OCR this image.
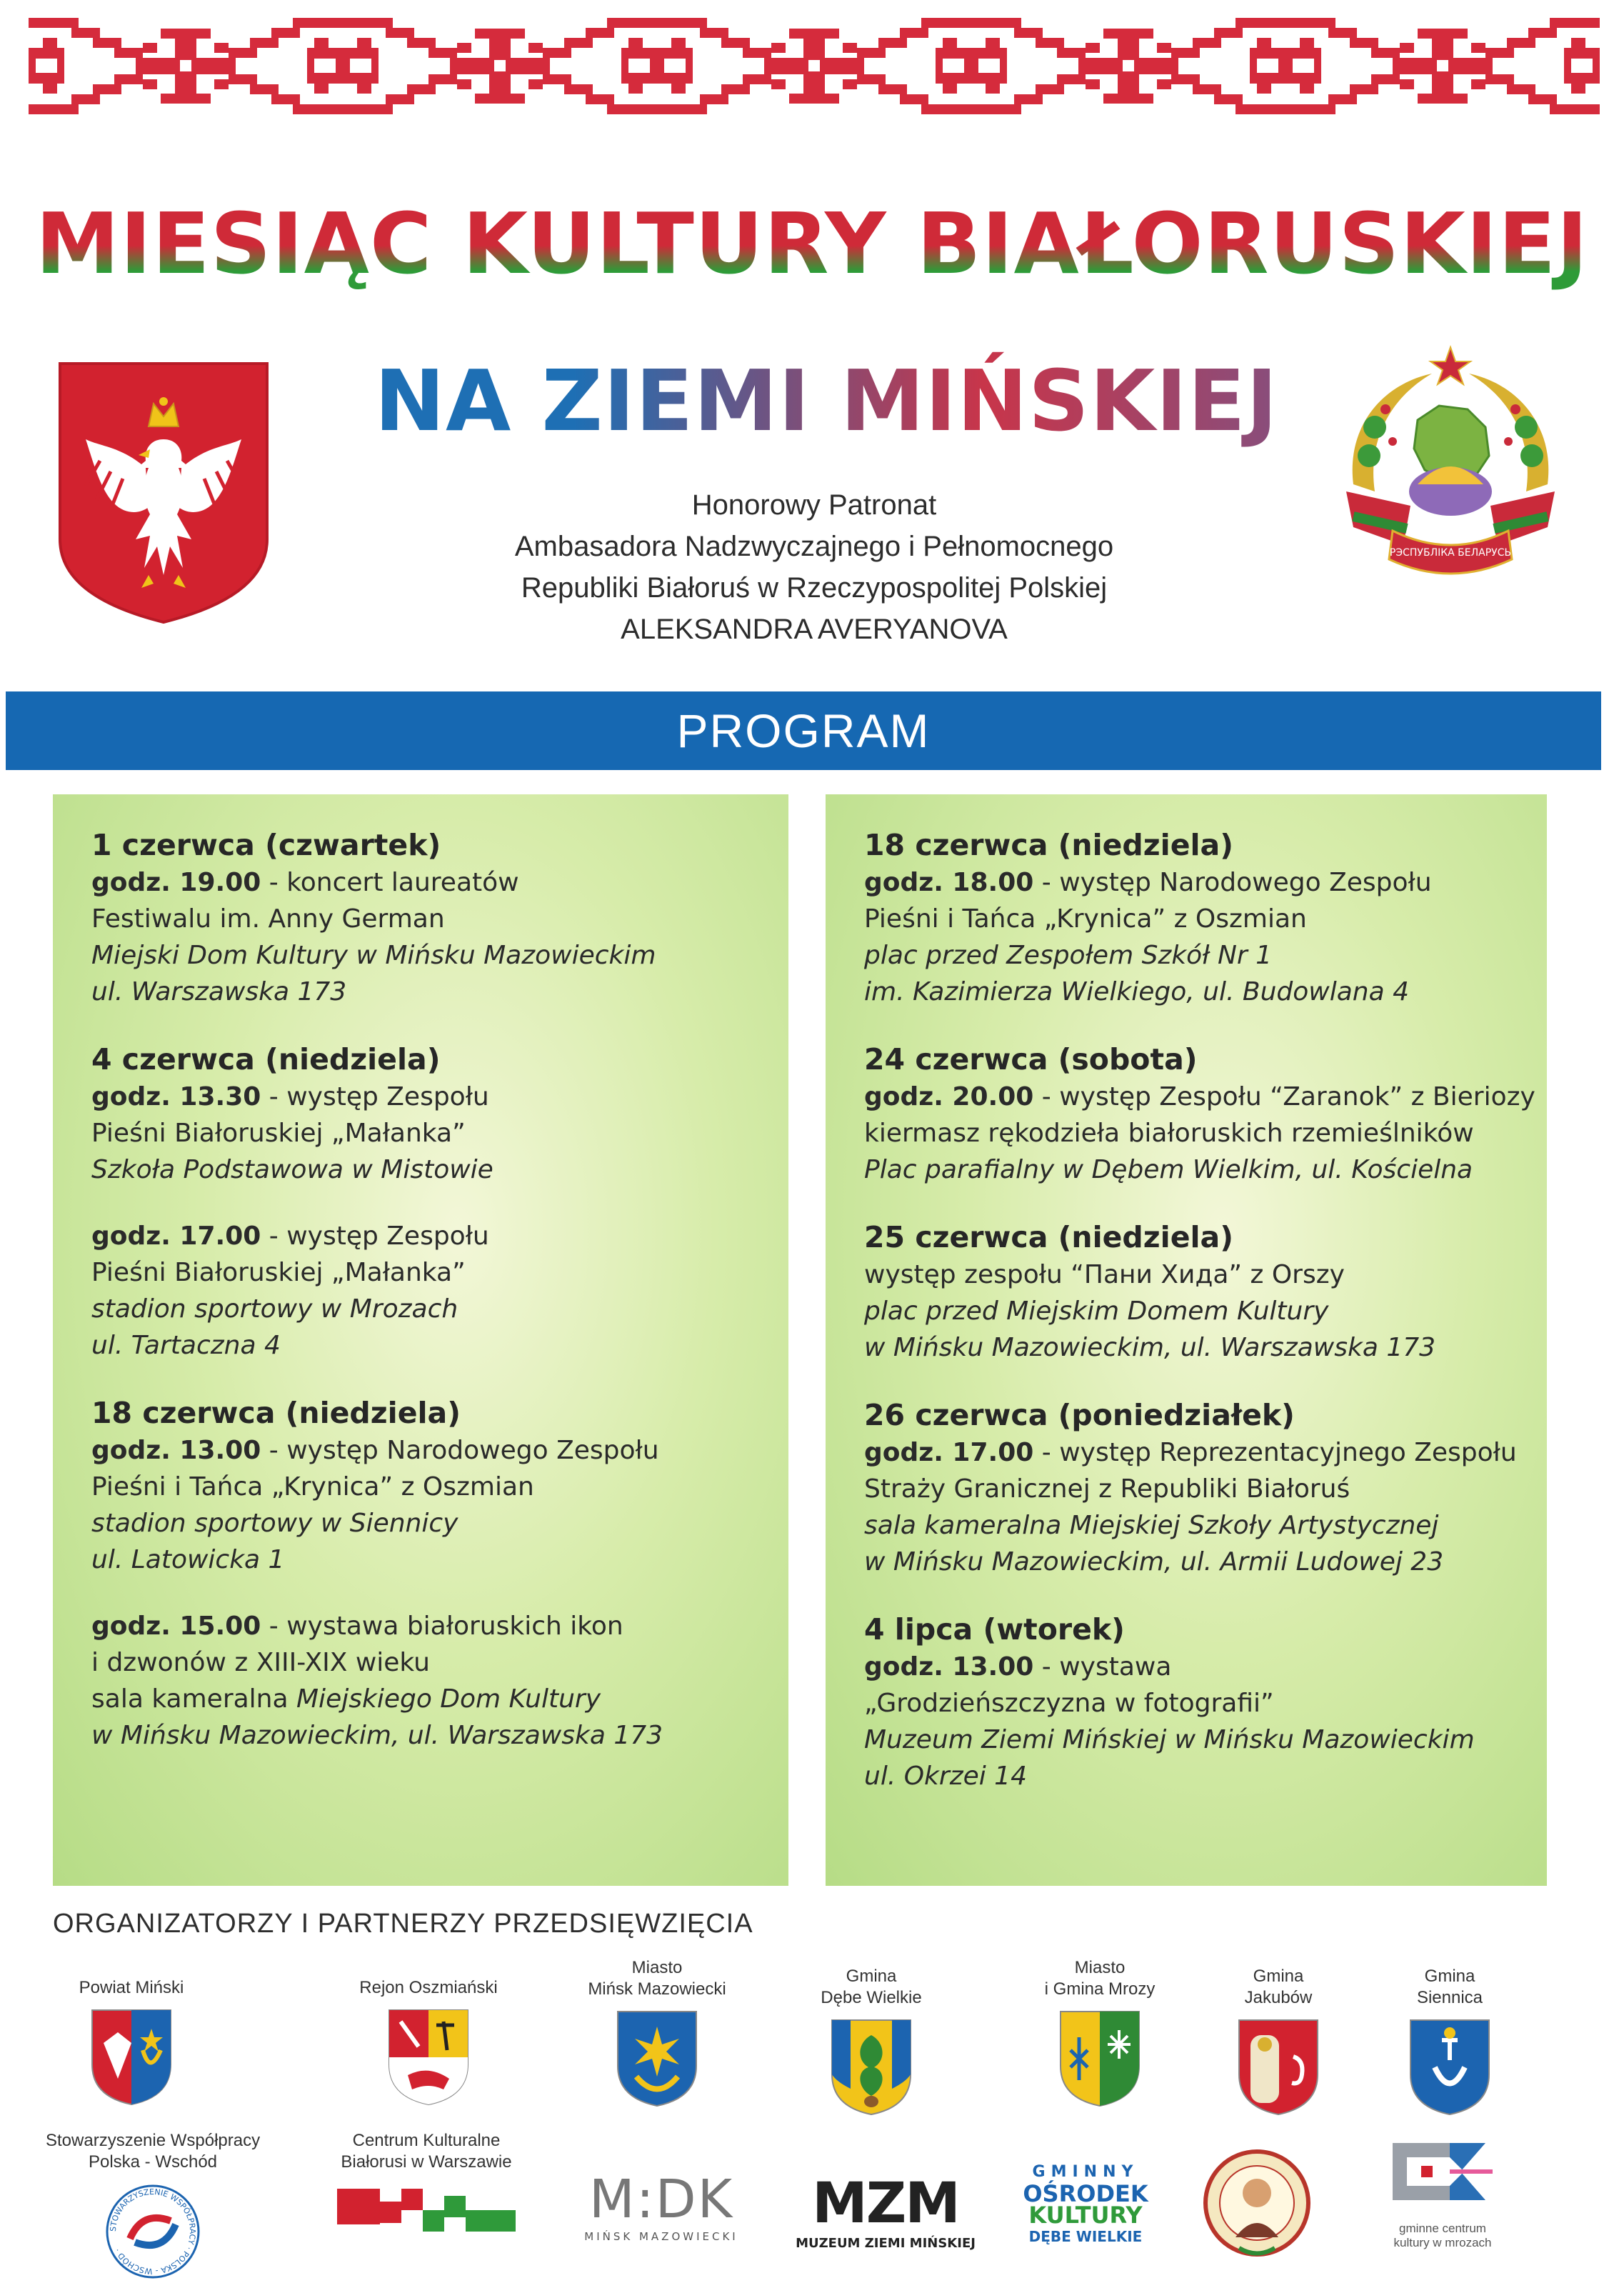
MIESIĄC KULTURY BIAŁORUSKIEJ
NA ZIEMI MIŃSKIEJ
РЭСПУБЛІКА БЕЛАРУСЬ
Honorowy Patronat
Ambasadora Nadzwyczajnego i Pełnomocnego
Republiki Białoruś w Rzeczypospolitej Polskiej
ALEKSANDRA AVERYANOVA
PROGRAM
1 czerwca (czwartek)
godz. 19.00 - koncert laureatów
Festiwalu im. Anny German
Miejski Dom Kultury w Mińsku Mazowieckim
ul. Warszawska 173
4 czerwca (niedziela)
godz. 13.30 - występ Zespołu
Pieśni Białoruskiej „Małanka”
Szkoła Podstawowa w Mistowie
godz. 17.00 - występ Zespołu
Pieśni Białoruskiej „Małanka”
stadion sportowy w Mrozach
ul. Tartaczna 4
18 czerwca (niedziela)
godz. 13.00 - występ Narodowego Zespołu
Pieśni i Tańca „Krynica” z Oszmian
stadion sportowy w Siennicy
ul. Latowicka 1
godz. 15.00 - wystawa białoruskich ikon
i dzwonów z XIII-XIX wieku
sala kameralna Miejskiego Dom Kultury
w Mińsku Mazowieckim, ul. Warszawska 173
18 czerwca (niedziela)
godz. 18.00 - występ Narodowego Zespołu
Pieśni i Tańca „Krynica” z Oszmian
plac przed Zespołem Szkół Nr 1
im. Kazimierza Wielkiego, ul. Budowlana 4
24 czerwca (sobota)
godz. 20.00 - występ Zespołu “Zaranok” z Bieriozy
kiermasz rękodzieła białoruskich rzemieślników
Plac parafialny w Dębem Wielkim, ul. Kościelna
25 czerwca (niedziela)
występ zespołu “Пани Хида” z Orszy
plac przed Miejskim Domem Kultury
w Mińsku Mazowieckim, ul. Warszawska 173
26 czerwca (poniedziałek)
godz. 17.00 - występ Reprezentacyjnego Zespołu
Straży Granicznej z Republiki Białoruś
sala kameralna Miejskiej Szkoły Artystycznej
w Mińsku Mazowieckim, ul. Armii Ludowej 23
4 lipca (wtorek)
godz. 13.00 - wystawa
„Grodzieńszczyzna w fotografii”
Muzeum Ziemi Mińskiej w Mińsku Mazowieckim
ul. Okrzei 14
ORGANIZATORZY I PARTNERZY PRZEDSIĘWZIĘCIA
Powiat Miński	Rejon Oszmiański
Miasto
Mińsk Mazowiecki
Gmina
Dębe Wielkie
Miasto
i Gmina Mrozy
Gmina
Jakubów
Gmina
Siennica
Stowarzyszenie Współpracy
Polska - Wschód
STOWARZYSZENIE WSPÓŁPRACY · POLSKA - WSCHÓD ·
Centrum Kulturalne
Białorusi w Warszawie
M:DK
MIŃSK MAZOWIECKI
MZM
MUZEUM ZIEMI MIŃSKIEJ
GMINNY
OŚRODEK
KULTURY
DĘBE WIELKIE	gminne centrum kultury w mrozach
